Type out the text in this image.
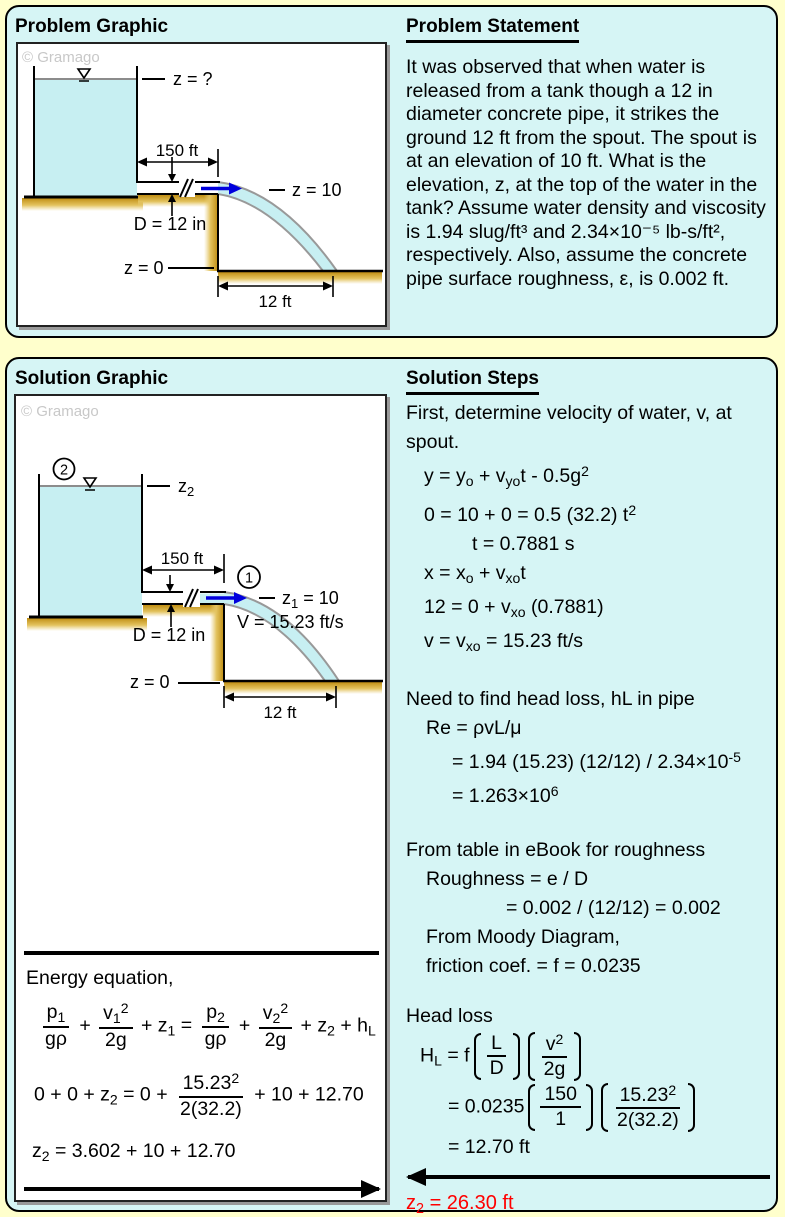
Problem Graphic
© Gramago
150 ft
z = ?
z = 10
D = 12 in
z = 0
12 ft
Problem Statement

It was observed that when water is released from a tank though a 12 in diameter concrete pipe, it strikes the ground 12 ft from the spout. The spout is at an elevation of 10 ft. What is the elevation, z, at the top of the water in the tank? Assume water density and viscosity is 1.94 slug/ft³ and 2.34×10⁻⁵ lb-s/ft², respectively. Also, assume the concrete pipe surface roughness, ε, is 0.002 ft.

Solution Graphic
© Gramago
2
1
150 ft
$z_2$
$z_1 = 10$
V = 15.23 ft/s
D = 12 in
z = 0
12 ft

Energy equation,

$\frac{p_1}{g\rho} + \frac{v_1^2}{2g} + z_1 = \frac{p_2}{g\rho} + \frac{v_2^2}{2g} + z_2 + h_L$
$0 + 0 + z_2 = 0 + \frac{15.23^2}{2(32.2)} + 10 + 12.70$
$z_2 = 3.602 + 10 + 12.70$
Solution Steps
First, determine velocity of water, v, at spout.
$y = y_o + v_{yo}t - 0.5g^2$
0 = 10 + 0 = 0.5 (32.2) $t^2$
t = 0.7881 s
$x = x_o + v_{xo}t$
$12 = 0 + v_{xo}$ (0.7881)
$v = v_{xo} = 15.23$ ft/s
Need to find head loss, hL in pipe
Re = ρvL/μ
= 1.94 (15.23) $(12/12) / 2.34\times 10^{-5}$
= $1.263\times 10^6$
From table in eBook for roughness
Roughness = e / D
= 0.002 / (12/12) = 0.002
From Moody Diagram,
friction coef. = f = 0.0235
Head loss
$H_L = f \frac{L}{D} \frac{v^2}{2g}$
= $0.0235 \frac{150}{1} \frac{15.23^2}{2(32.2)}$
= 12.70 ft
$z_2 = 26.30$ ft
